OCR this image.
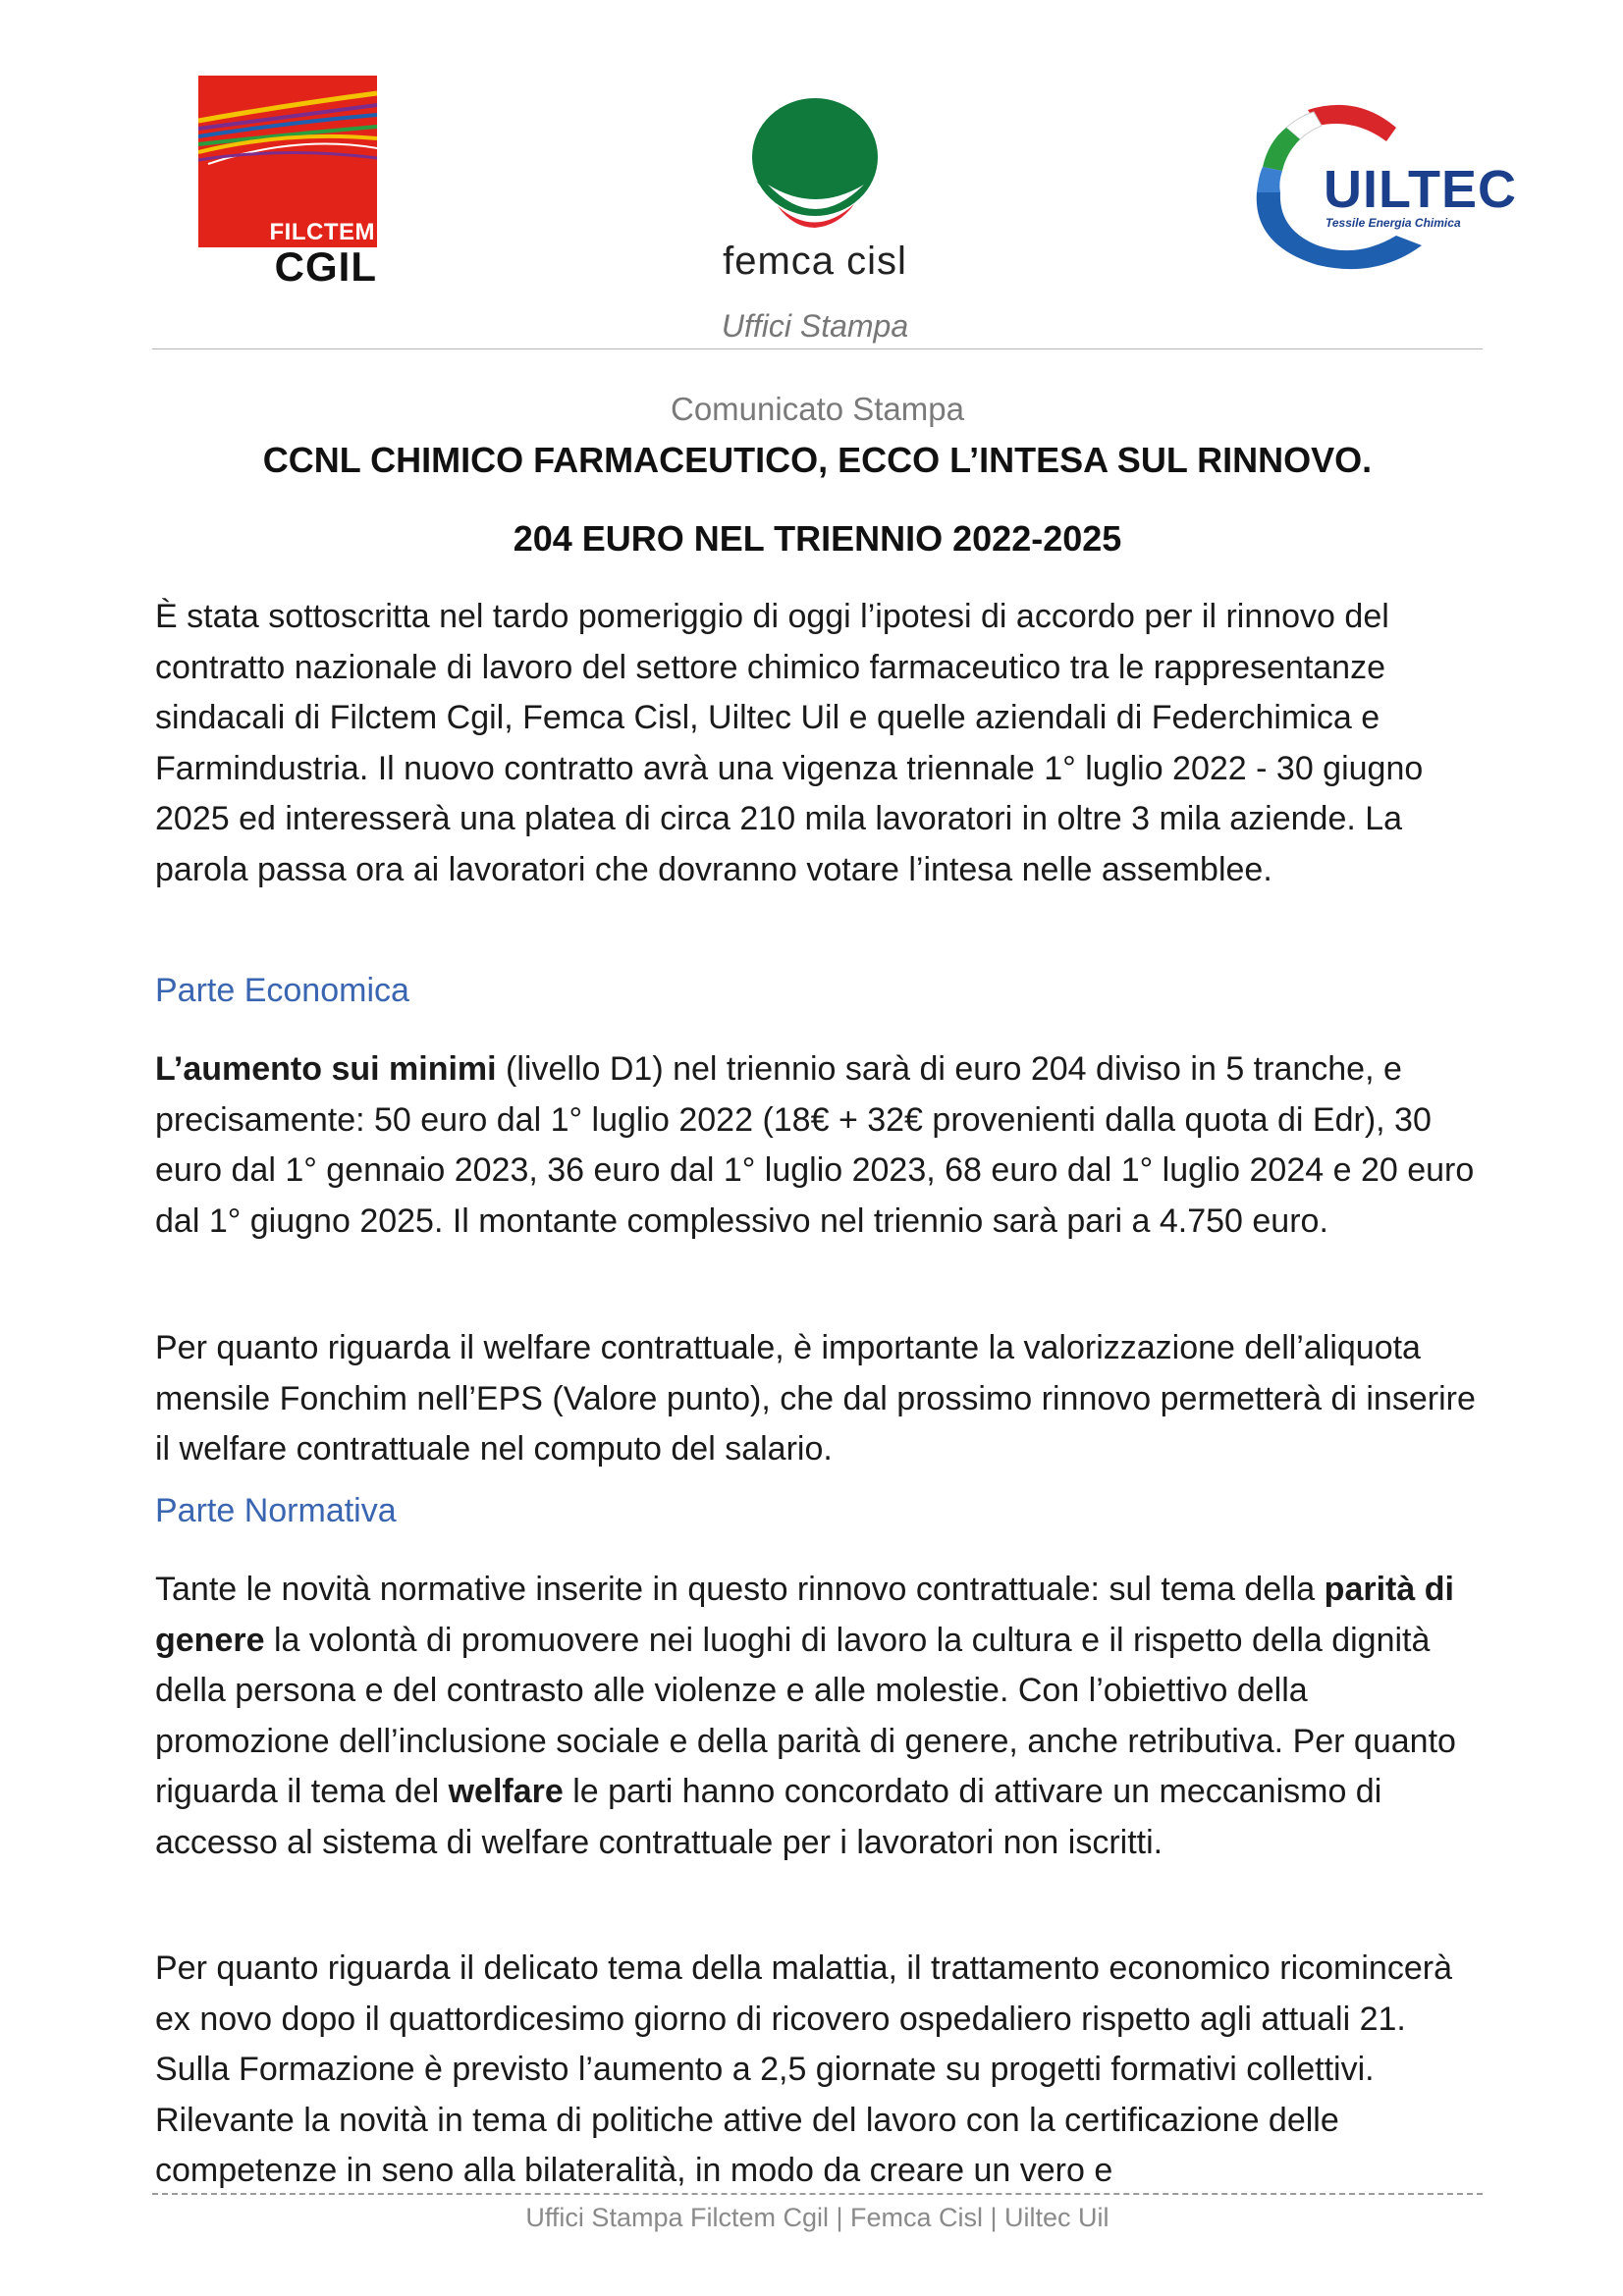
FILCTEM
CGIL	femca cisl
Uffici Stampa
UILTEC
Tessile Energia Chimica
Comunicato Stampa
CCNL CHIMICO FARMACEUTICO, ECCO L’INTESA SUL RINNOVO.
204 EURO NEL TRIENNIO 2022-2025

È stata sottoscritta nel tardo pomeriggio di oggi l’ipotesi di accordo per il rinnovo del contratto nazionale di lavoro del settore chimico farmaceutico tra le rappresentanze sindacali di Filctem Cgil, Femca Cisl, Uiltec Uil e quelle aziendali di Federchimica e Farmindustria. Il nuovo contratto avrà una vigenza triennale 1° luglio 2022 - 30 giugno 2025 ed interesserà una platea di circa 210 mila lavoratori in oltre 3 mila aziende. La parola passa ora ai lavoratori che dovranno votare l’intesa nelle assemblee.

Parte Economica

L’aumento sui minimi (livello D1) nel triennio sarà di euro 204 diviso in 5 tranche, e precisamente: 50 euro dal 1° luglio 2022 (18€ + 32€ provenienti dalla quota di Edr), 30 euro dal 1° gennaio 2023, 36 euro dal 1° luglio 2023, 68 euro dal 1° luglio 2024 e 20 euro dal 1° giugno 2025. Il montante complessivo nel triennio sarà pari a 4.750 euro.

Per quanto riguarda il welfare contrattuale, è importante la valorizzazione dell’aliquota mensile Fonchim nell’EPS (Valore punto), che dal prossimo rinnovo permetterà di inserire il welfare contrattuale nel computo del salario.

Parte Normativa

Tante le novità normative inserite in questo rinnovo contrattuale: sul tema della parità di genere la volontà di promuovere nei luoghi di lavoro la cultura e il rispetto della dignità della persona e del contrasto alle violenze e alle molestie. Con l’obiettivo della promozione dell’inclusione sociale e della parità di genere, anche retributiva. Per quanto riguarda il tema del welfare le parti hanno concordato di attivare un meccanismo di accesso al sistema di welfare contrattuale per i lavoratori non iscritti.

Per quanto riguarda il delicato tema della malattia, il trattamento economico ricomincerà ex novo dopo il quattordicesimo giorno di ricovero ospedaliero rispetto agli attuali 21. Sulla Formazione è previsto l’aumento a 2,5 giornate su progetti formativi collettivi. Rilevante la novità in tema di politiche attive del lavoro con la certificazione delle competenze in seno alla bilateralità, in modo da creare un vero e

Uffici Stampa Filctem Cgil | Femca Cisl | Uiltec Uil
